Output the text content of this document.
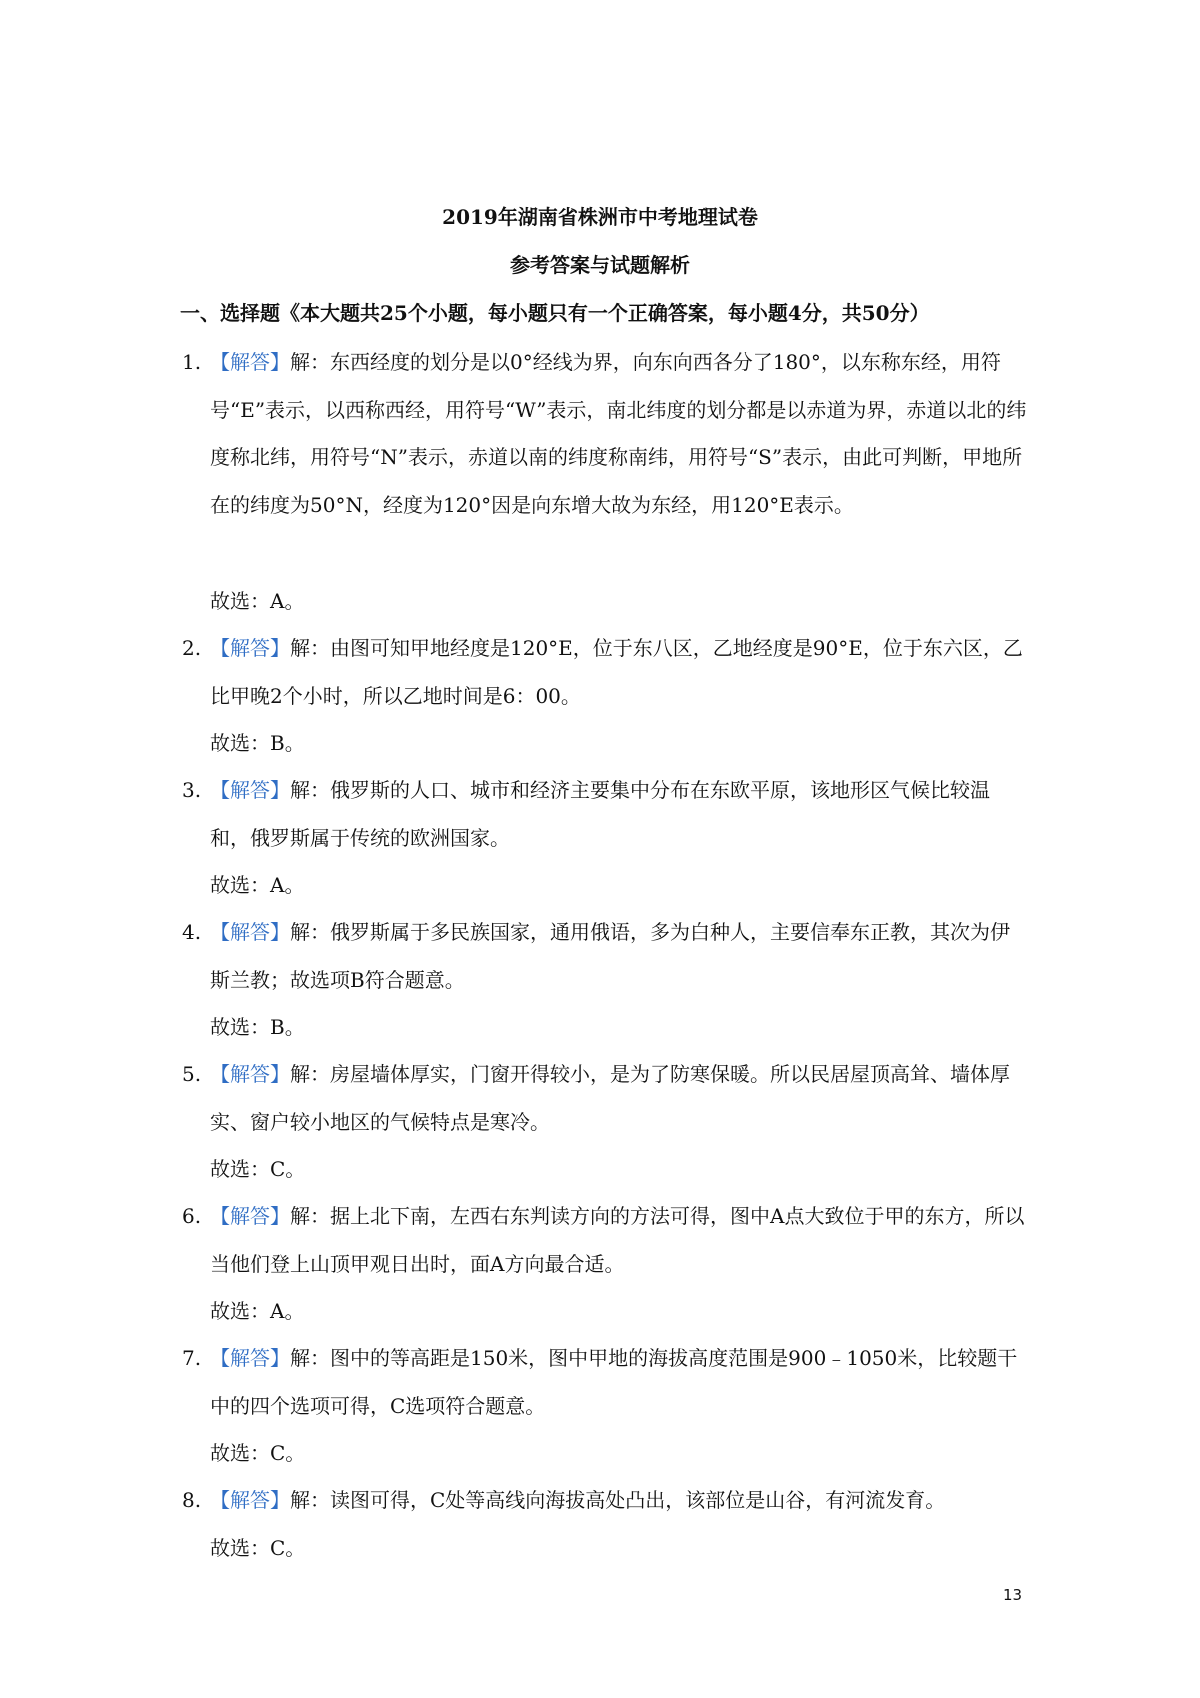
2019年湖南省株洲市中考地理试卷
参考答案与试题解析
一、选择题《本大题共25个小题，每小题只有一个正确答案，每小题4分，共50分）
1. 【解答】解：东西经度的划分是以0°经线为界，向东向西各分了180°，以东称东经，用符号“E”表示，以西称西经，用符号“W”表示，南北纬度的划分都是以赤道为界，赤道以北的纬度称北纬，用符号“N”表示，赤道以南的纬度称南纬，用符号“S”表示，由此可判断，甲地所在的纬度为50°N，经度为120°因是向东增大故为东经，用120°E表示。
故选：A。
2. 【解答】解：由图可知甲地经度是120°E，位于东八区，乙地经度是90°E，位于东六区，乙比甲晚2个小时，所以乙地时间是6：00。
故选：B。
3. 【解答】解：俄罗斯的人口、城市和经济主要集中分布在东欧平原，该地形区气候比较温和，俄罗斯属于传统的欧洲国家。
故选：A。
4. 【解答】解：俄罗斯属于多民族国家，通用俄语，多为白种人，主要信奉东正教，其次为伊斯兰教；故选项B符合题意。
故选：B。
5. 【解答】解：房屋墙体厚实，门窗开得较小，是为了防寒保暖。所以民居屋顶高耸、墙体厚实、窗户较小地区的气候特点是寒冷。
故选：C。
6. 【解答】解：据上北下南，左西右东判读方向的方法可得，图中A点大致位于甲的东方，所以当他们登上山顶甲观日出时，面A方向最合适。
故选：A。
7. 【解答】解：图中的等高距是150米，图中甲地的海拔高度范围是900﹣1050米，比较题干中的四个选项可得，C选项符合题意。
故选：C。
8. 【解答】解：读图可得，C处等高线向海拔高处凸出，该部位是山谷，有河流发育。
故选：C。
13
